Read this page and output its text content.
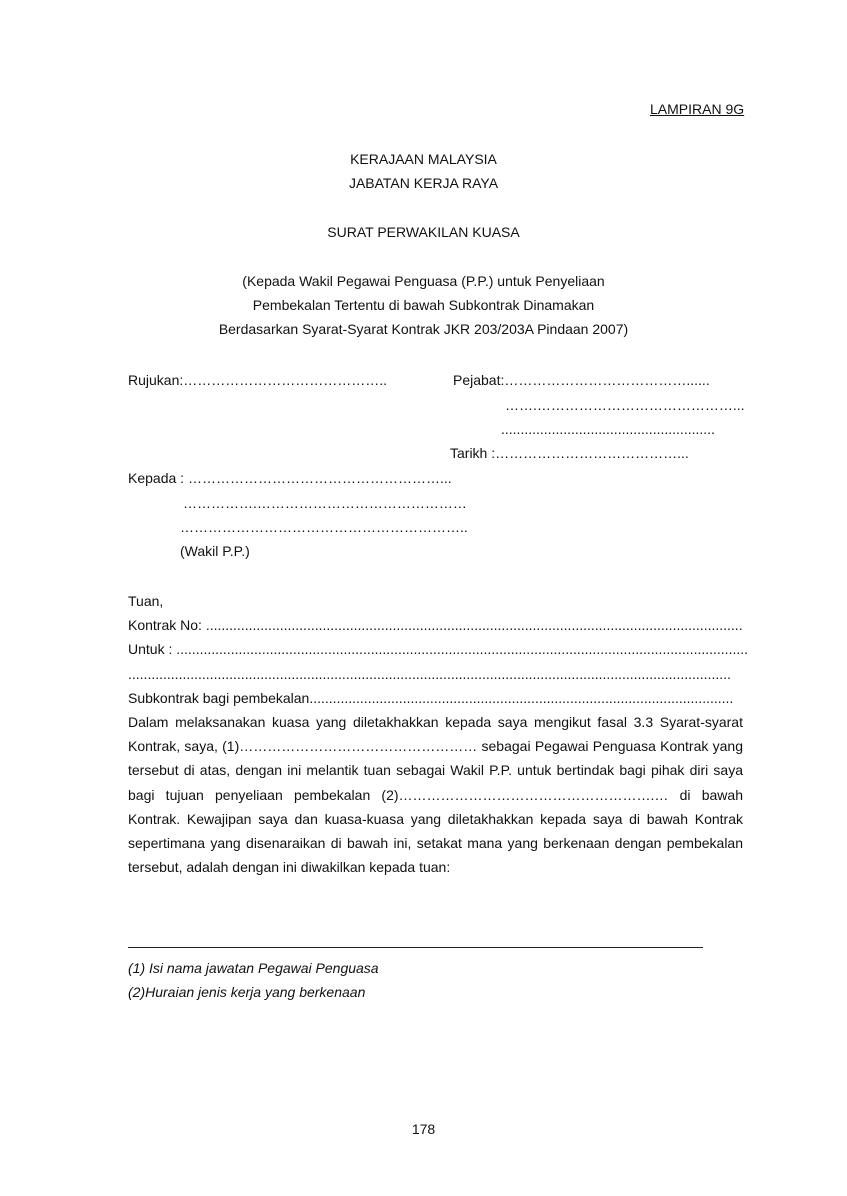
LAMPIRAN 9G
KERAJAAN MALAYSIA
JABATAN KERJA RAYA
SURAT PERWAKILAN KUASA
(Kepada Wakil Pegawai Penguasa (P.P.) untuk Penyeliaan
Pembekalan Tertentu di bawah Subkontrak Dinamakan
Berdasarkan Syarat-Syarat Kontrak JKR 203/203A Pindaan 2007)
Rujukan:……………………………………..	Pejabat:…………………………………......
…….……………………………………...
.......................................................
Tarikh :…………………………………...
Kepada : ………………………………………………...
…………….………………………………………
……………………………………………………..
(Wakil P.P.)
Tuan,
Kontrak No: ..........................................................................................................................................
Untuk : ...................................................................................................................................................
...........................................................................................................................................................
Subkontrak bagi pembekalan.............................................................................................................
Dalam melaksanakan kuasa yang diletakhakkan kepada saya mengikut fasal 3.3 Syarat-syarat Kontrak, saya, (1)…………………………………………… sebagai Pegawai Penguasa Kontrak yang tersebut di atas, dengan ini melantik tuan sebagai Wakil P.P. untuk bertindak bagi pihak diri saya bagi tujuan penyeliaan pembekalan (2)……………………………………………….… di bawah Kontrak. Kewajipan saya dan kuasa-kuasa yang diletakhakkan kepada saya di bawah Kontrak sepertimana yang disenaraikan di bawah ini, setakat mana yang berkenaan dengan pembekalan tersebut, adalah dengan ini diwakilkan kepada tuan:
(1) Isi nama jawatan Pegawai Penguasa
(2)Huraian jenis kerja yang berkenaan
178
